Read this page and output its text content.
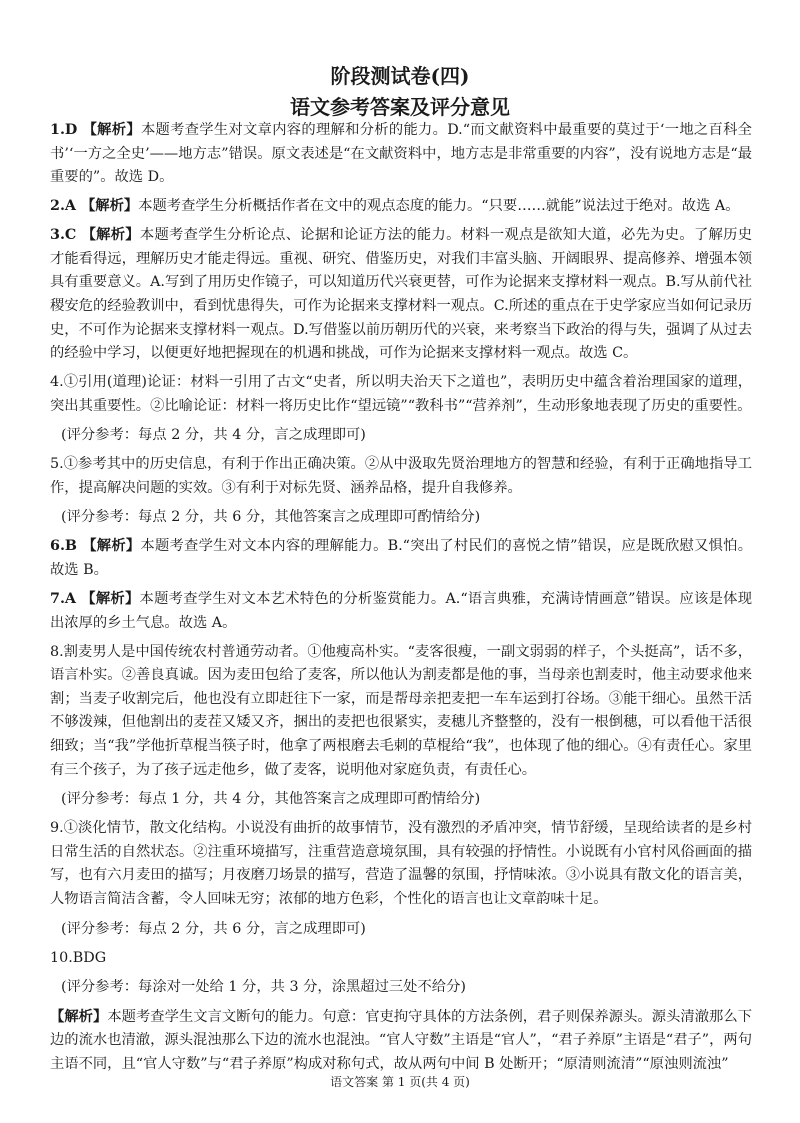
阶段测试卷(四)
语文参考答案及评分意见

1.D 【解析】本题考查学生对文章内容的理解和分析的能力。D.“而文献资料中最重要的莫过于‘一地之百科全书’‘一方之全史’——地方志”错误。原文表述是“在文献资料中，地方志是非常重要的内容”，没有说地方志是“最重要的”。故选 D。

2.A 【解析】本题考查学生分析概括作者在文中的观点态度的能力。“只要……就能”说法过于绝对。故选 A。

3.C 【解析】本题考查学生分析论点、论据和论证方法的能力。材料一观点是欲知大道，必先为史。了解历史才能看得远，理解历史才能走得远。重视、研究、借鉴历史，对我们丰富头脑、开阔眼界、提高修养、增强本领具有重要意义。A.写到了用历史作镜子，可以知道历代兴衰更替，可作为论据来支撑材料一观点。B.写从前代社稷安危的经验教训中，看到忧患得失，可作为论据来支撑材料一观点。C.所述的重点在于史学家应当如何记录历史，不可作为论据来支撑材料一观点。D.写借鉴以前历朝历代的兴衰，来考察当下政治的得与失，强调了从过去的经验中学习，以便更好地把握现在的机遇和挑战，可作为论据来支撑材料一观点。故选 C。

4.①引用(道理)论证：材料一引用了古文“史者，所以明夫治天下之道也”，表明历史中蕴含着治理国家的道理，突出其重要性。②比喻论证：材料一将历史比作“望远镜”“教科书”“营养剂”，生动形象地表现了历史的重要性。

(评分参考：每点 2 分，共 4 分，言之成理即可)

5.①参考其中的历史信息，有利于作出正确决策。②从中汲取先贤治理地方的智慧和经验，有利于正确地指导工作，提高解决问题的实效。③有利于对标先贤、涵养品格，提升自我修养。

(评分参考：每点 2 分，共 6 分，其他答案言之成理即可酌情给分)

6.B 【解析】本题考查学生对文本内容的理解能力。B.“突出了村民们的喜悦之情”错误，应是既欣慰又惧怕。故选 B。

7.A 【解析】本题考查学生对文本艺术特色的分析鉴赏能力。A.“语言典雅，充满诗情画意”错误。应该是体现出浓厚的乡土气息。故选 A。

8.割麦男人是中国传统农村普通劳动者。①他瘦高朴实。“麦客很瘦，一副文弱弱的样子，个头挺高”，话不多，语言朴实。②善良真诚。因为麦田包给了麦客，所以他认为割麦都是他的事，当母亲也割麦时，他主动要求他来割；当麦子收割完后，他也没有立即赶往下一家，而是帮母亲把麦把一车车运到打谷场。③能干细心。虽然干活不够泼辣，但他割出的麦茬又矮又齐，捆出的麦把也很紧实，麦穗儿齐整整的，没有一根倒穗，可以看他干活很细致；当“我”学他折草棍当筷子时，他拿了两根磨去毛刺的草棍给“我”，也体现了他的细心。④有责任心。家里有三个孩子，为了孩子远走他乡，做了麦客，说明他对家庭负责，有责任心。

(评分参考：每点 1 分，共 4 分，其他答案言之成理即可酌情给分)

9.①淡化情节，散文化结构。小说没有曲折的故事情节，没有激烈的矛盾冲突，情节舒缓，呈现给读者的是乡村日常生活的自然状态。②注重环境描写，注重营造意境氛围，具有较强的抒情性。小说既有小官村风俗画面的描写，也有六月麦田的描写；月夜磨刀场景的描写，营造了温馨的氛围，抒情味浓。③小说具有散文化的语言美，人物语言简洁含蓄，令人回味无穷；浓郁的地方色彩，个性化的语言也让文章韵味十足。

(评分参考：每点 2 分，共 6 分，言之成理即可)

10.BDG

(评分参考：每涂对一处给 1 分，共 3 分，涂黑超过三处不给分)

【解析】本题考查学生文言文断句的能力。句意：官吏拘守具体的方法条例，君子则保养源头。源头清澈那么下边的流水也清澈，源头混浊那么下边的流水也混浊。“官人守数”主语是“官人”，“君子养原”主语是“君子”，两句主语不同，且“官人守数”与“君子养原”构成对称句式，故从两句中间 B 处断开；“原清则流清”“原浊则流浊”

语文答案 第 1 页(共 4 页)
